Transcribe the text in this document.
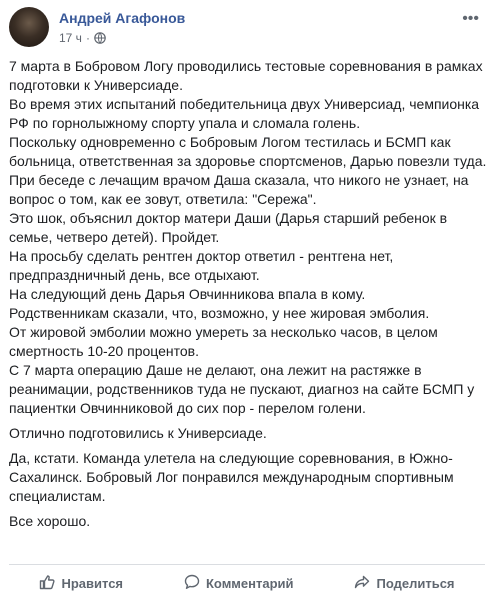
Андрей Агафонов
17 ч ·
•••

7 марта в Бобровом Логу проводились тестовые соревнования в рамках подготовки к Универсиаде.

Во время этих испытаний победительница двух Универсиад, чемпионка РФ по горнолыжному спорту упала и сломала голень.

Поскольку одновременно с Бобровым Логом тестилась и БСМП как больница, ответственная за здоровье спортсменов, Дарью повезли туда.

При беседе с лечащим врачом Даша сказала, что никого не узнает, на вопрос о том, как ее зовут, ответила: "Сережа".

Это шок, объяснил доктор матери Даши (Дарья старший ребенок в семье, четверо детей). Пройдет.

На просьбу сделать рентген доктор ответил - рентгена нет, предпраздничный день, все отдыхают.

На следующий день Дарья Овчинникова впала в кому.

Родственникам сказали, что, возможно, у нее жировая эмболия.

От жировой эмболии можно умереть за несколько часов, в целом смертность 10-20 процентов.

С 7 марта операцию Даше не делают, она лежит на растяжке в реанимации, родственников туда не пускают, диагноз на сайте БСМП у пациентки Овчинниковой до сих пор - перелом голени.

Отлично подготовились к Универсиаде.

Да, кстати. Команда улетела на следующие соревнования, в Южно-Сахалинск. Бобровый Лог понравился международным спортивным специалистам.

Все хорошо.

Нравится	Комментарий	Поделиться
